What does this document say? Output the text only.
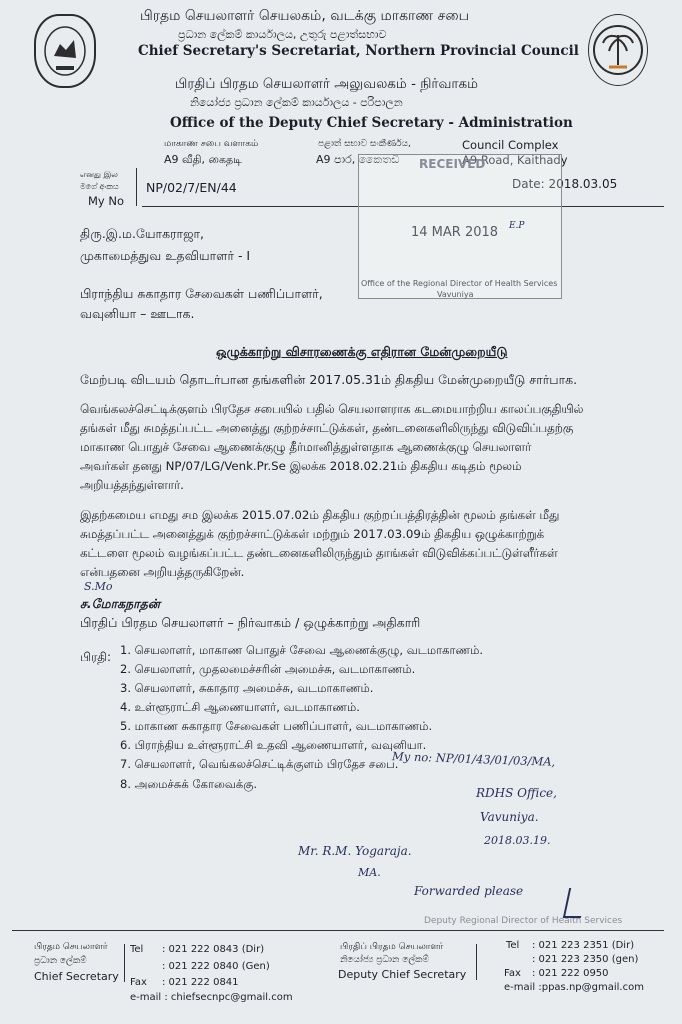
பிரதம செயலாளர் செயலகம், வடக்கு மாகாண சபை
ප්‍රධාන ලේකම් කාර්යාලය, උතුරු පළාත්සභාව
Chief Secretary's Secretariat, Northern Provincial Council
பிரதிப் பிரதம செயலாளர் அலுவலகம் - நிர்வாகம்
නියෝජ්‍ය ප්‍රධාන ලේකම් කාර්යාලය - පරිපාලන
Office of the Deputy Chief Secretary - Administration
மாகாண சபை வளாகம்
A9 வீதி, கைதடி
පළාත් සභාව සංකීර්ණය,
A9 පාර, කෛතඩි
Council Complex
A9 Road, Kaithady
எனது இல
මගේ අංකය
My No
NP/02/7/EN/44	Date: 2018.03.05
RECEIVED
14 MAR 2018 E.P
Office of the Regional Director of Health Services
Vavuniya
திரு.இ.ம.யோகராஜா,
முகாமைத்துவ உதவியாளர் - I
பிராந்திய சுகாதார சேவைகள் பணிப்பாளர்,
வவுனியா – ஊடாக.
ஒழுக்காற்று விசாரணைக்கு எதிரான மேன்முறையீடு
மேற்படி விடயம் தொடர்பான தங்களின் 2017.05.31ம் திகதிய மேன்முறையீடு சார்பாக.
வெங்கலச்செட்டிக்குளம் பிரதேச சபையில் பதில் செயலாளராக கடமையாற்றிய காலப்பகுதியில்
தங்கள் மீது சுமத்தப்பட்ட அனைத்து குற்றச்சாட்டுக்கள், தண்டனைகளிலிருந்து விடுவிப்பதற்கு
மாகாண பொதுச் சேவை ஆணைக்குழு தீர்மானித்துள்ளதாக ஆணைக்குழு செயலாளர்
அவர்கள் தனது NP/07/LG/Venk.Pr.Se இலக்க 2018.02.21ம் திகதிய கடிதம் மூலம்
அறியத்தந்துள்ளார்.
இதற்கமைய எமது சம இலக்க 2015.07.02ம் திகதிய குற்றப்பத்திரத்தின் மூலம் தங்கள் மீது
சுமத்தப்பட்ட அனைத்துக் குற்றச்சாட்டுக்கள் மற்றும் 2017.03.09ம் திகதிய ஒழுக்காற்றுக்
கட்டளை மூலம் வழங்கப்பட்ட தண்டனைகளிலிருந்தும் தாங்கள் விடுவிக்கப்பட்டுள்ளீர்கள்
என்பதனை அறியத்தருகிறேன்.
S.Mo
ச.மோகநாதன்
பிரதிப் பிரதம செயலாளர் – நிர்வாகம் / ஒழுக்காற்று அதிகாரி
பிரதி: 1. செயலாளர், மாகாண பொதுச் சேவை ஆணைக்குழு, வடமாகாணம்.
2. செயலாளர், முதலமைச்சரின் அமைச்சு, வடமாகாணம்.
3. செயலாளர், சுகாதார அமைச்சு, வடமாகாணம்.
4. உள்ளூராட்சி ஆணையாளர், வடமாகாணம்.
5. மாகாண சுகாதார சேவைகள் பணிப்பாளர், வடமாகாணம்.
6. பிராந்திய உள்ளூராட்சி உதவி ஆணையாளர், வவுனியா.
7. செயலாளர், வெங்கலச்செட்டிக்குளம் பிரதேச சபை.
8. அமைச்சுக் கோவைக்கு.
My no: NP/01/43/01/03/MA,
RDHS Office,
Vavuniya.
2018.03.19.
Mr. R.M. Yogaraja.
MA.
Forwarded please
Deputy Regional Director of Health Services
பிரதம செயலாளர்
ප්‍රධාන ලේකම්
Chief Secretary
Tel : 021 222 0843 (Dir)
: 021 222 0840 (Gen)
Fax : 021 222 0841
e-mail : chiefsecnpc@gmail.com
பிரதிப் பிரதம செயலாளர்
නියෝජ්‍ය ප්‍රධාන ලේකම්
Deputy Chief Secretary
Tel : 021 223 2351 (Dir)
: 021 223 2350 (gen)
Fax : 021 222 0950
e-mail :ppas.np@gmail.com
